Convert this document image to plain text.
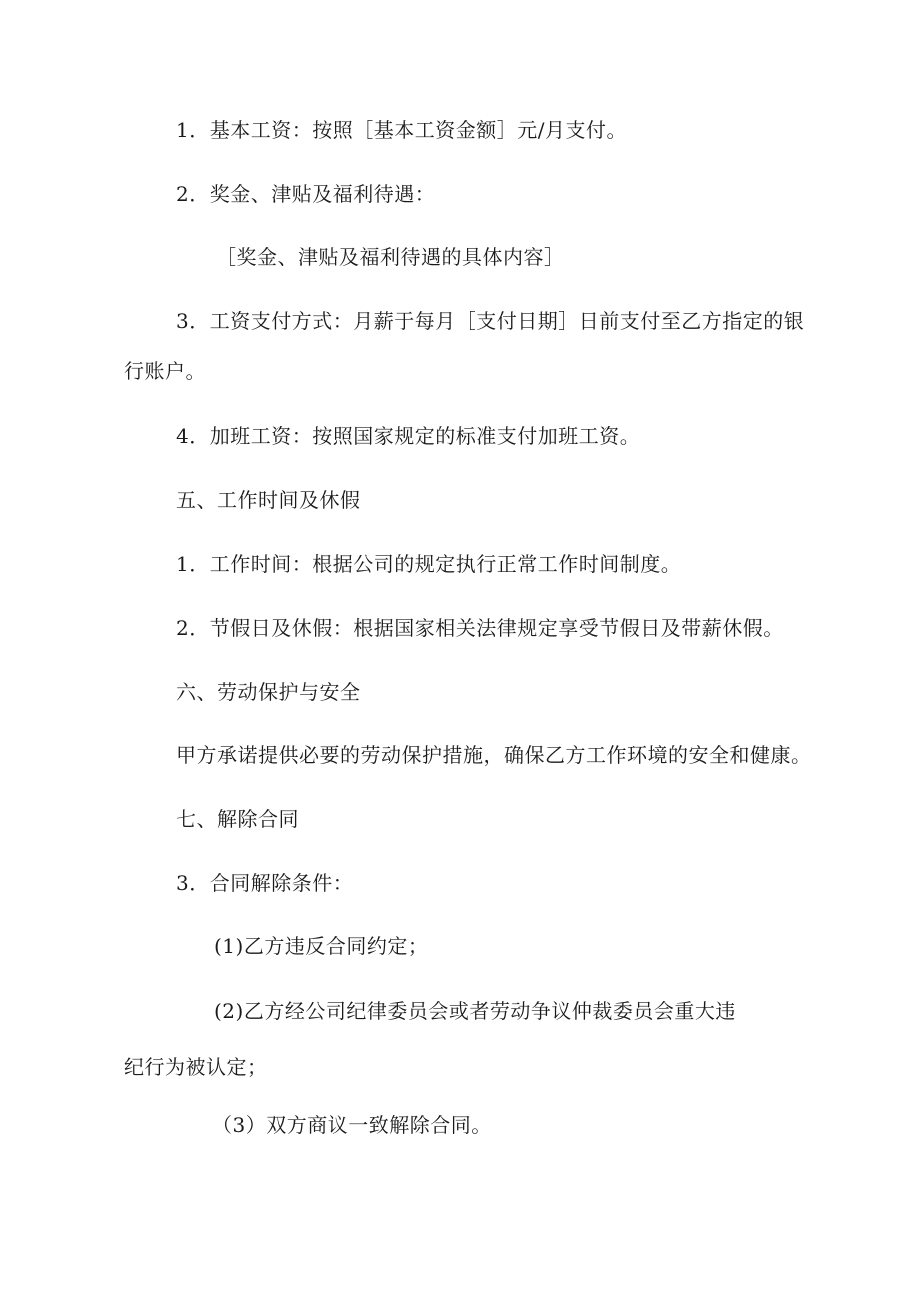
1．基本工资：按照［基本工资金额］元/月支付。

2．奖金、津贴及福利待遇：

［奖金、津贴及福利待遇的具体内容］

3．工资支付方式：月薪于每月［支付日期］日前支付至乙方指定的银

行账户。

4．加班工资：按照国家规定的标准支付加班工资。

五、工作时间及休假

1．工作时间：根据公司的规定执行正常工作时间制度。

2．节假日及休假：根据国家相关法律规定享受节假日及带薪休假。

六、劳动保护与安全

甲方承诺提供必要的劳动保护措施，确保乙方工作环境的安全和健康。

七、解除合同

3．合同解除条件：

(1)乙方违反合同约定；

(2)乙方经公司纪律委员会或者劳动争议仲裁委员会重大违

纪行为被认定；

（3）双方商议一致解除合同。
